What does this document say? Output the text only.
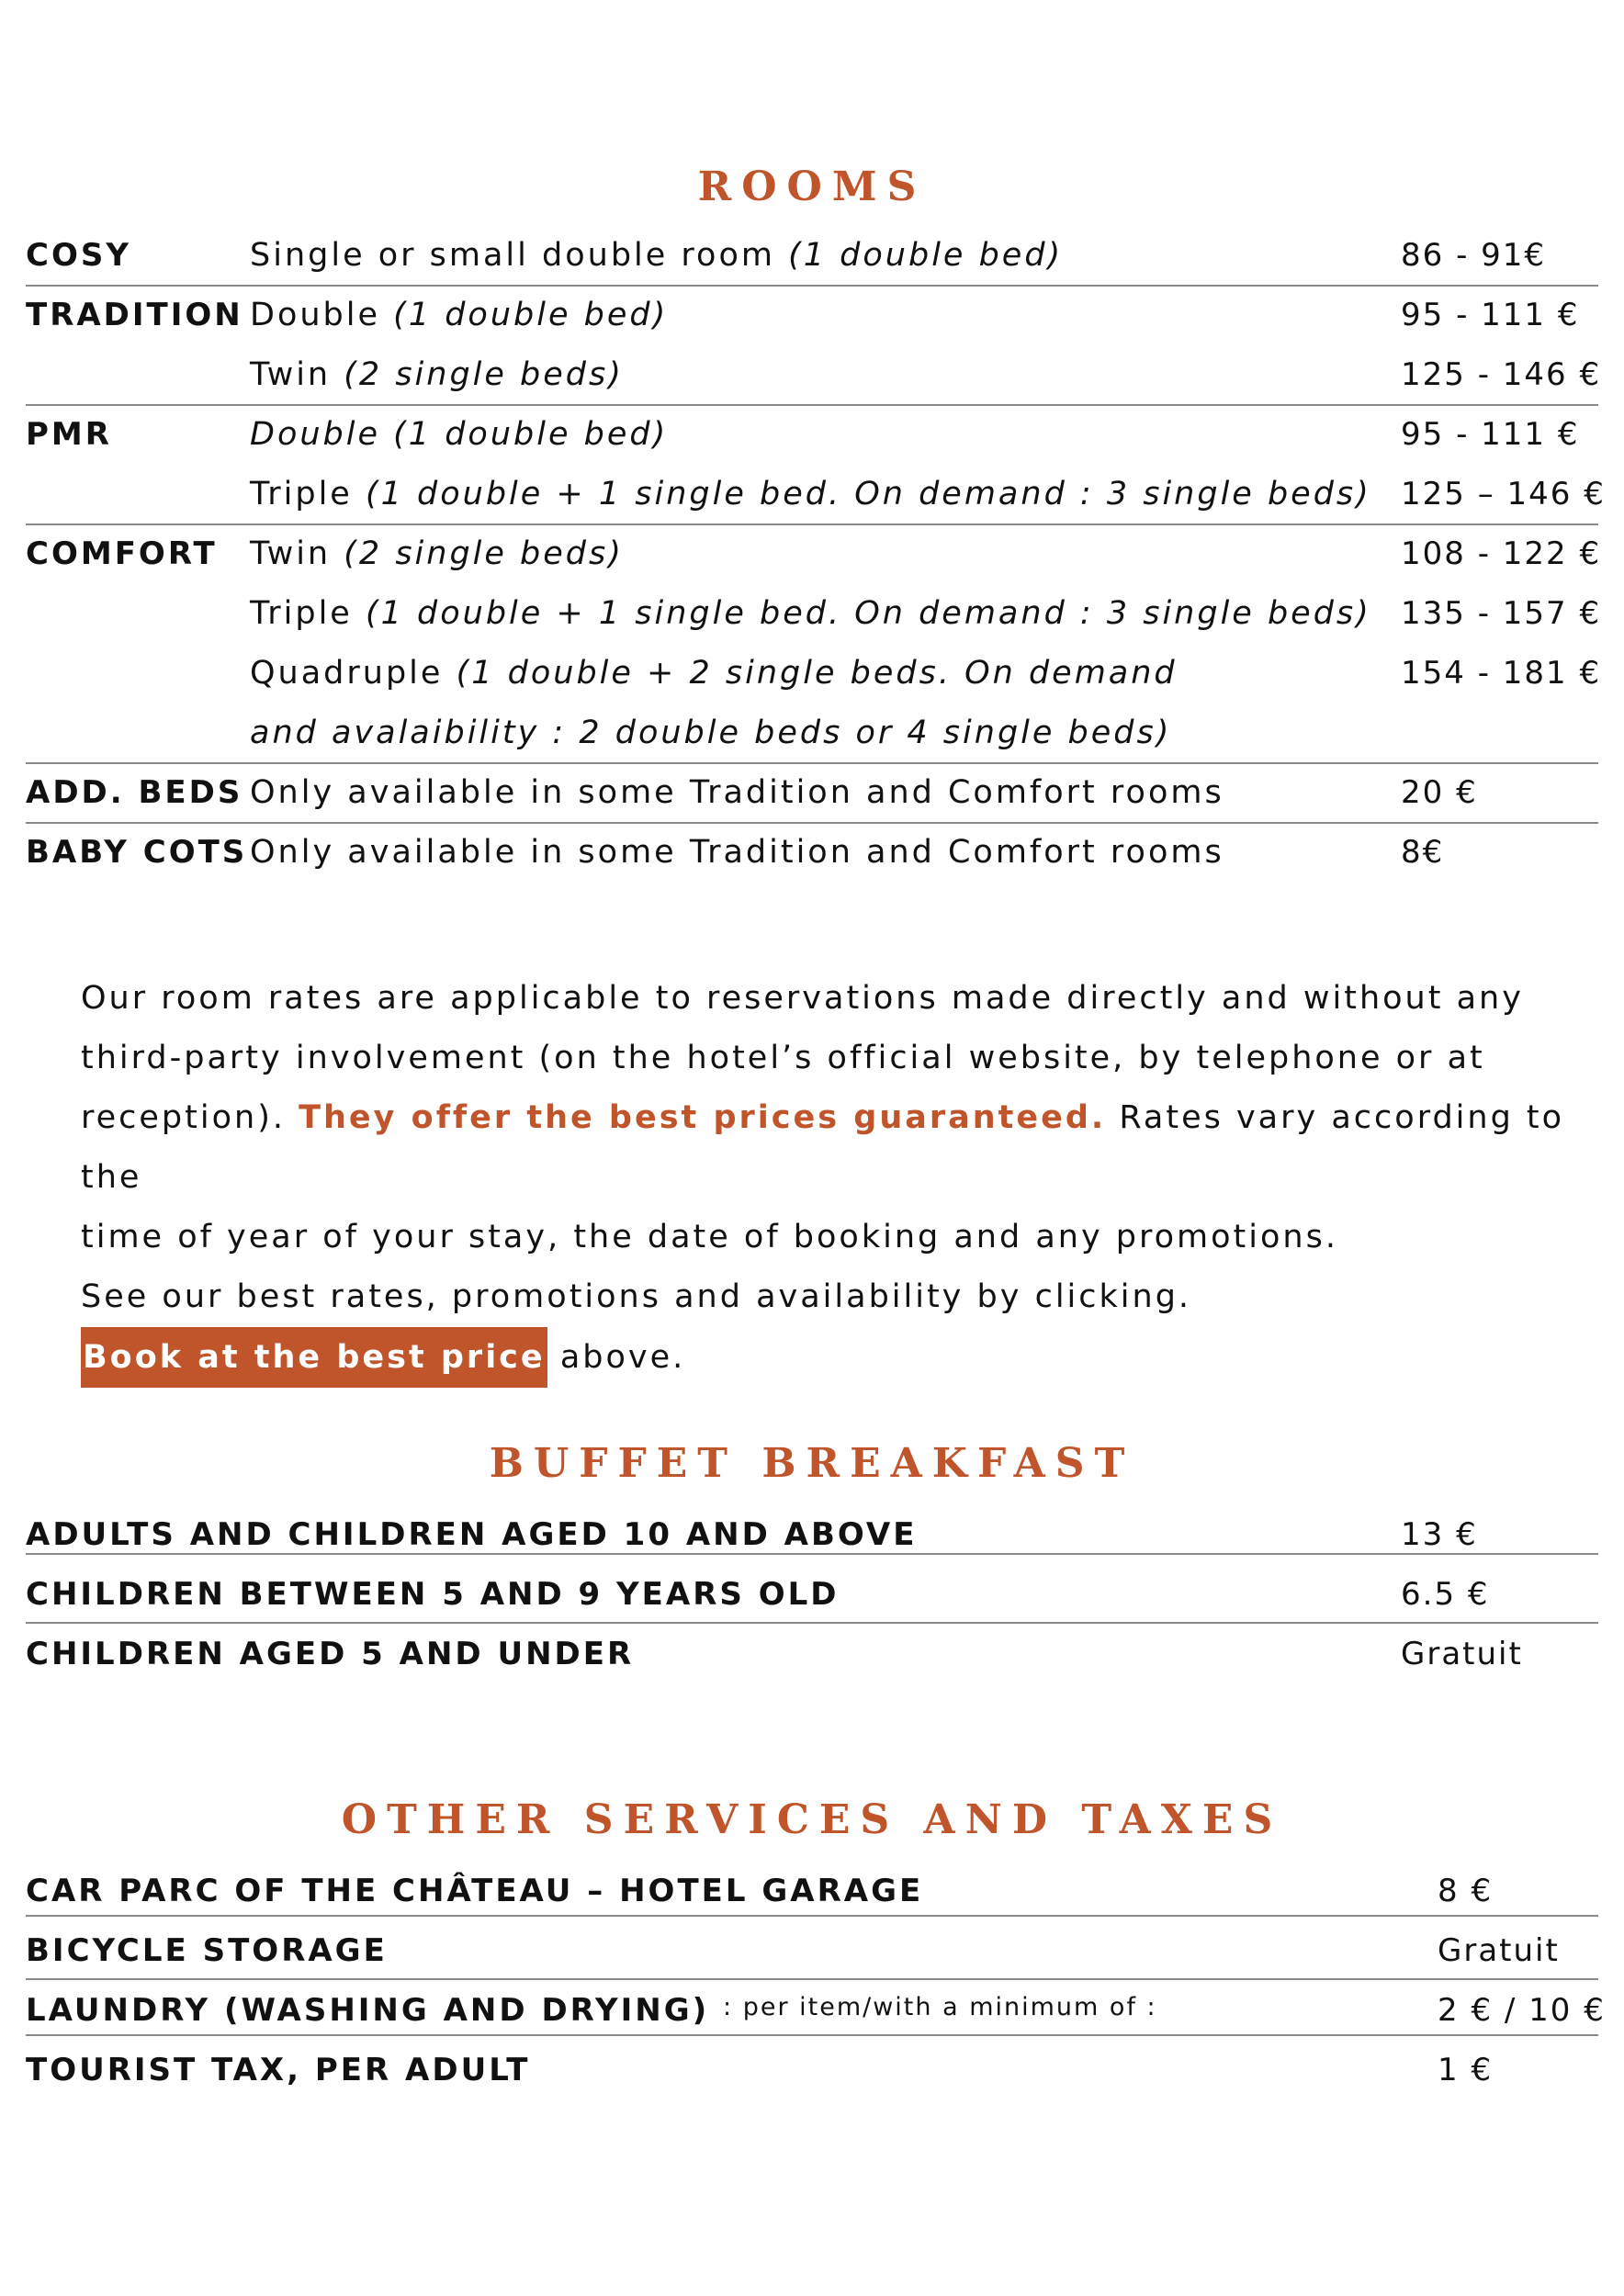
ROOMS
COSY	Single or small double room (1 double bed)	86 - 91€
TRADITION Double (1 double bed)	95 - 111 €
Twin (2 single beds)	125 - 146 €
PMR	Double (1 double bed)	95 - 111 €
Triple (1 double + 1 single bed. On demand : 3 single beds) 125 – 146 €
COMFORT Twin (2 single beds)	108 - 122 €
Triple (1 double + 1 single bed. On demand : 3 single beds) 135 - 157 €
Quadruple (1 double + 2 single beds. On demand	154 - 181 €
and avalaibility : 2 double beds or 4 single beds)
ADD. BEDS Only available in some Tradition and Comfort rooms	20 €
BABY COTS Only available in some Tradition and Comfort rooms	8€
Our room rates are applicable to reservations made directly and without any
third-party involvement (on the hotel’s official website, by telephone or at
reception). They offer the best prices guaranteed. Rates vary according to the
time of year of your stay, the date of booking and any promotions.
See our best rates, promotions and availability by clicking.
Book at the best price above.
BUFFET BREAKFAST
ADULTS AND CHILDREN AGED 10 AND ABOVE	13 €
CHILDREN BETWEEN 5 AND 9 YEARS OLD	6.5 €
CHILDREN AGED 5 AND UNDER	Gratuit
OTHER SERVICES AND TAXES
CAR PARC OF THE CHÂTEAU – HOTEL GARAGE	8 €
BICYCLE STORAGE	Gratuit
LAUNDRY (WASHING AND DRYING) : per item/with a minimum of :	2 € / 10 €
TOURIST TAX, PER ADULT	1 €
